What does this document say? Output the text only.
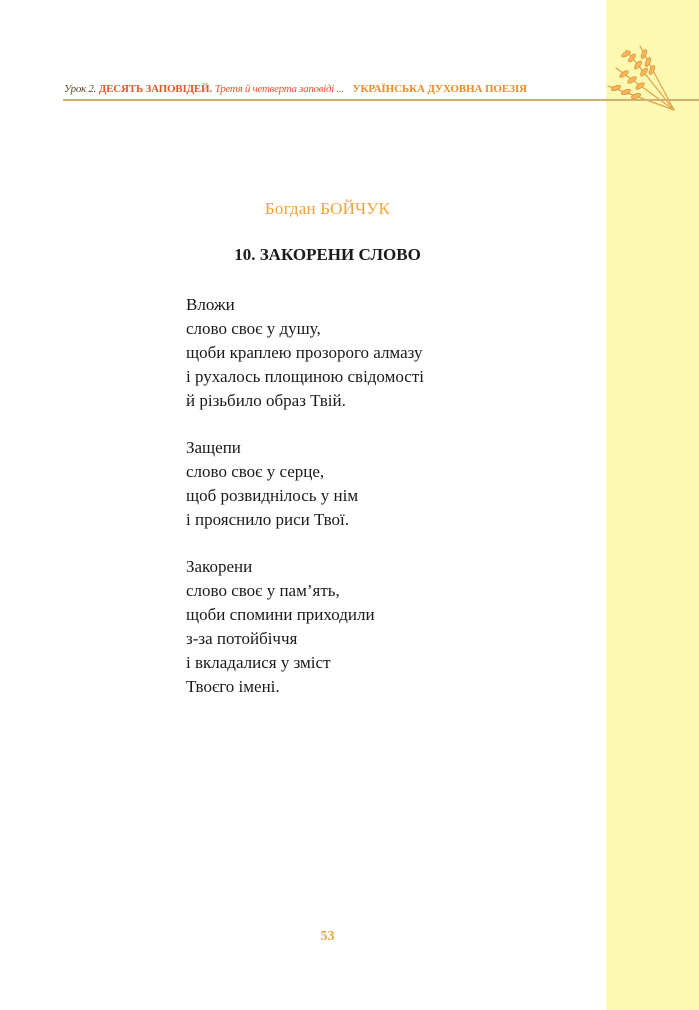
Урок 2. ДЕСЯТЬ ЗАПОВІДЕЙ. Третя й четверта заповіді ... УКРАЇНСЬКА ДУХОВНА ПОЕЗІЯ
Богдан БОЙЧУК
10. ЗАКОРЕНИ СЛОВО
Вложи
слово своє у душу,
щоби краплею прозорого алмазу
і рухалось площиною свідомості
й різьбило образ Твій.
Защепи
слово своє у серце,
щоб розвиднілось у нім
і прояснило риси Твої.
Закорени
слово своє у пам’ять,
щоби спомини приходили
з-за потойбіччя
і вкладалися у зміст
Твоєго імені.
53
